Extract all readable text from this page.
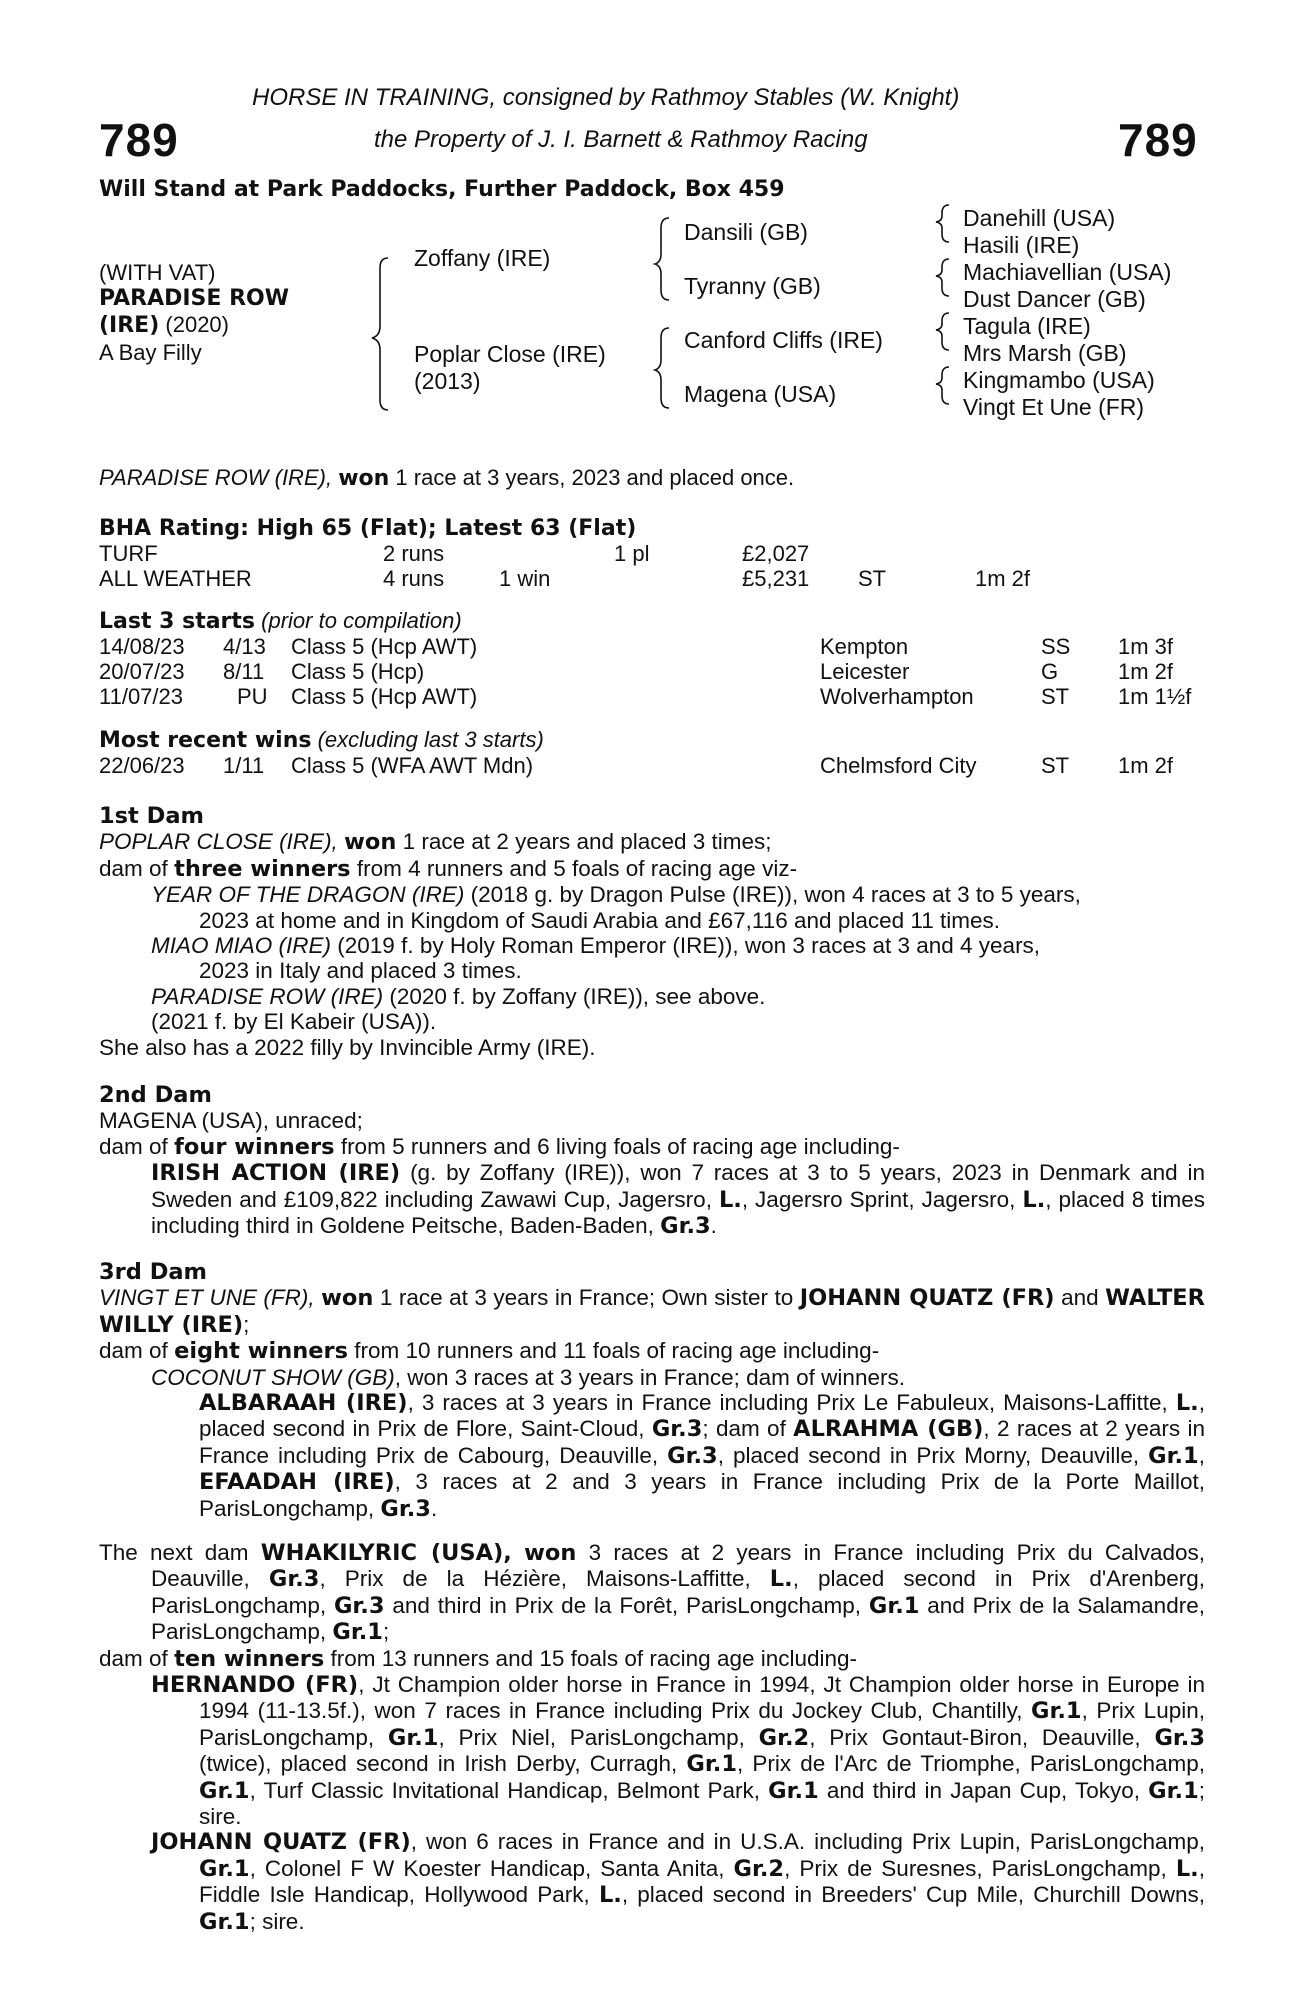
HORSE IN TRAINING, consigned by Rathmoy Stables (W. Knight)
the Property of J. I. Barnett & Rathmoy Racing
789	789
Will Stand at Park Paddocks, Further Paddock, Box 459
(WITH VAT)
PARADISE ROW
(IRE) (2020)
A Bay Filly
Zoffany (IRE)
Poplar Close (IRE)
(2013)
Dansili (GB)
Tyranny (GB)
Canford Cliffs (IRE)
Magena (USA)
Danehill (USA)
Hasili (IRE)
Machiavellian (USA)
Dust Dancer (GB)
Tagula (IRE)
Mrs Marsh (GB)
Kingmambo (USA)
Vingt Et Une (FR)
PARADISE ROW (IRE), won 1 race at 3 years, 2023 and placed once.
BHA Rating: High 65 (Flat); Latest 63 (Flat)
TURF	2 runs	1 pl	£2,027
ALL WEATHER	4 runs 1 win	£5,231 ST	1m 2f
Last 3 starts (prior to compilation)
14/08/23 4/13 Class 5 (Hcp AWT)	Kempton	SS 1m 3f
20/07/23 8/11 Class 5 (Hcp)	Leicester	G	1m 2f
11/07/23 PU Class 5 (Hcp AWT)	Wolverhampton	ST 1m 1½f
Most recent wins (excluding last 3 starts)
22/06/23 1/11 Class 5 (WFA AWT Mdn)	Chelmsford City	ST 1m 2f

1st Dam

POPLAR CLOSE (IRE), won 1 race at 2 years and placed 3 times;

dam of three winners from 4 runners and 5 foals of racing age viz-

YEAR OF THE DRAGON (IRE) (2018 g. by Dragon Pulse (IRE)), won 4 races at 3 to 5 years,

2023 at home and in Kingdom of Saudi Arabia and £67,116 and placed 11 times.

MIAO MIAO (IRE) (2019 f. by Holy Roman Emperor (IRE)), won 3 races at 3 and 4 years,

2023 in Italy and placed 3 times.

PARADISE ROW (IRE) (2020 f. by Zoffany (IRE)), see above.

(2021 f. by El Kabeir (USA)).

She also has a 2022 filly by Invincible Army (IRE).

2nd Dam

MAGENA (USA), unraced;

dam of four winners from 5 runners and 6 living foals of racing age including-

IRISH ACTION (IRE) (g. by Zoffany (IRE)), won 7 races at 3 to 5 years, 2023 in Denmark and in Sweden and £109,822 including Zawawi Cup, Jagersro, L., Jagersro Sprint, Jagersro, L., placed 8 times including third in Goldene Peitsche, Baden-Baden, Gr.3.

3rd Dam

VINGT ET UNE (FR), won 1 race at 3 years in France; Own sister to JOHANN QUATZ (FR) and WALTER WILLY (IRE);

dam of eight winners from 10 runners and 11 foals of racing age including-

COCONUT SHOW (GB), won 3 races at 3 years in France; dam of winners.

ALBARAAH (IRE), 3 races at 3 years in France including Prix Le Fabuleux, Maisons-Laffitte, L., placed second in Prix de Flore, Saint-Cloud, Gr.3; dam of ALRAHMA (GB), 2 races at 2 years in France including Prix de Cabourg, Deauville, Gr.3, placed second in Prix Morny, Deauville, Gr.1, EFAADAH (IRE), 3 races at 2 and 3 years in France including Prix de la Porte Maillot, ParisLongchamp, Gr.3.

The next dam WHAKILYRIC (USA), won 3 races at 2 years in France including Prix du Calvados, Deauville, Gr.3, Prix de la Hézière, Maisons-Laffitte, L., placed second in Prix d'Arenberg, ParisLongchamp, Gr.3 and third in Prix de la Forêt, ParisLongchamp, Gr.1 and Prix de la Salamandre, ParisLongchamp, Gr.1;

dam of ten winners from 13 runners and 15 foals of racing age including-

HERNANDO (FR), Jt Champion older horse in France in 1994, Jt Champion older horse in Europe in 1994 (11-13.5f.), won 7 races in France including Prix du Jockey Club, Chantilly, Gr.1, Prix Lupin, ParisLongchamp, Gr.1, Prix Niel, ParisLongchamp, Gr.2, Prix Gontaut-Biron, Deauville, Gr.3 (twice), placed second in Irish Derby, Curragh, Gr.1, Prix de l'Arc de Triomphe, ParisLongchamp, Gr.1, Turf Classic Invitational Handicap, Belmont Park, Gr.1 and third in Japan Cup, Tokyo, Gr.1; sire.

JOHANN QUATZ (FR), won 6 races in France and in U.S.A. including Prix Lupin, ParisLongchamp, Gr.1, Colonel F W Koester Handicap, Santa Anita, Gr.2, Prix de Suresnes, ParisLongchamp, L., Fiddle Isle Handicap, Hollywood Park, L., placed second in Breeders' Cup Mile, Churchill Downs, Gr.1; sire.
